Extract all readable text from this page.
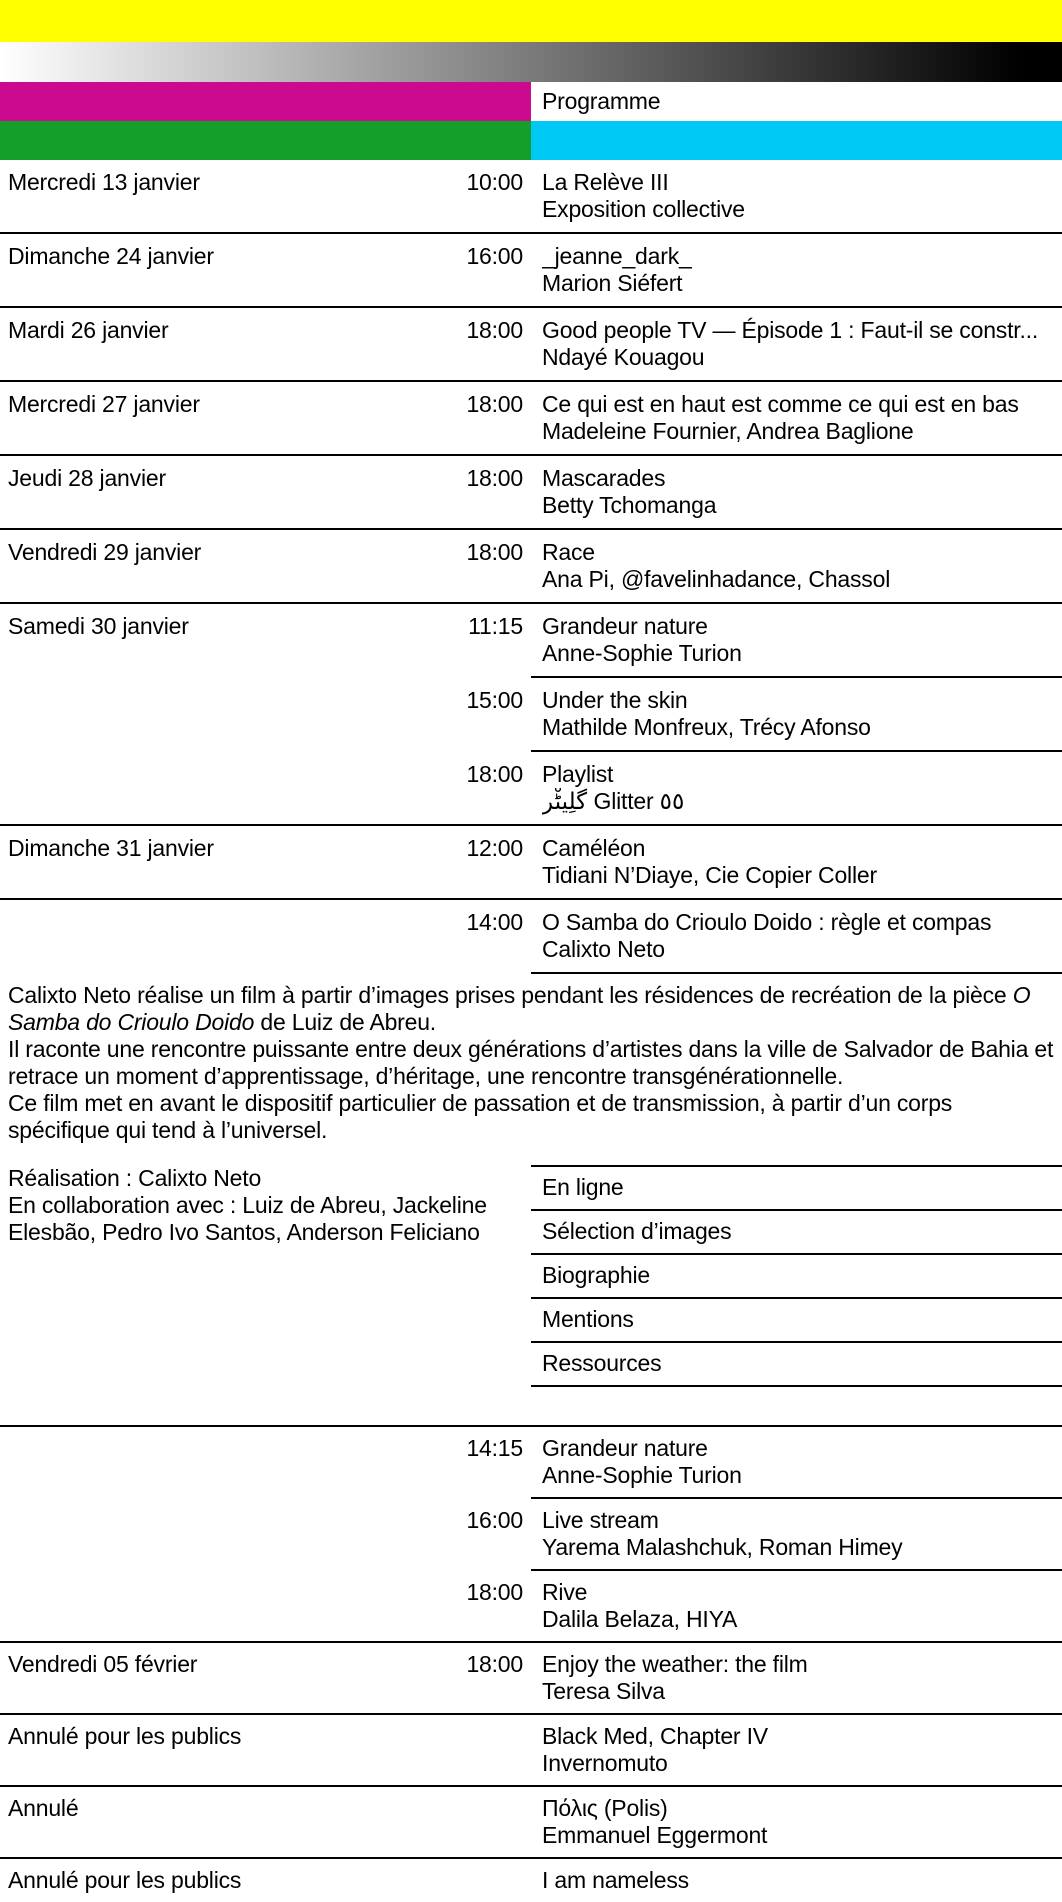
Programme
Mercredi 13 janvier	10:00 La Relève III
Exposition collective
Dimanche 24 janvier	16:00 _jeanne_dark_
Marion Siéfert
Mardi 26 janvier	18:00 Good people TV — Épisode 1 : Faut-il se constr...
Ndayé Kouagou
Mercredi 27 janvier	18:00 Ce qui est en haut est comme ce qui est en bas
Madeleine Fournier, Andrea Baglione
Jeudi 28 janvier	18:00 Mascarades
Betty Tchomanga
Vendredi 29 janvier	18:00 Race
Ana Pi, @favelinhadance, Chassol
Samedi 30 janvier	11:15 Grandeur nature
Anne-Sophie Turion
15:00 Under the skin
Mathilde Monfreux, Trécy Afonso
18:00 Playlist
گلِیٹْر Glitter ٥٥
Dimanche 31 janvier	12:00 Caméléon
Tidiani N’Diaye, Cie Copier Coller
14:00 O Samba do Crioulo Doido : règle et compas
Calixto Neto

Calixto Neto réalise un film à partir d’images prises pendant les résidences de recréation de la pièce O Samba do Crioulo Doido de Luiz de Abreu.

Il raconte une rencontre puissante entre deux générations d’artistes dans la ville de Salvador de Bahia et retrace un moment d’apprentissage, d’héritage, une rencontre transgénérationnelle.

Ce film met en avant le dispositif particulier de passation et de transmission, à partir d’un corps spécifique qui tend à l’universel.

Réalisation : Calixto Neto
En collaboration avec : Luiz de Abreu, Jackeline Elesbão, Pedro Ivo Santos, Anderson Feliciano
En ligne
Sélection d’images
Biographie
Mentions
Ressources
14:15 Grandeur nature
Anne-Sophie Turion
16:00 Live stream
Yarema Malashchuk, Roman Himey
18:00 Rive
Dalila Belaza, HIYA
Vendredi 05 février	18:00 Enjoy the weather: the film
Teresa Silva
Annulé pour les publics	Black Med, Chapter IV
Invernomuto
Annulé	Πόλις (Polis)
Emmanuel Eggermont
Annulé pour les publics	I am nameless
